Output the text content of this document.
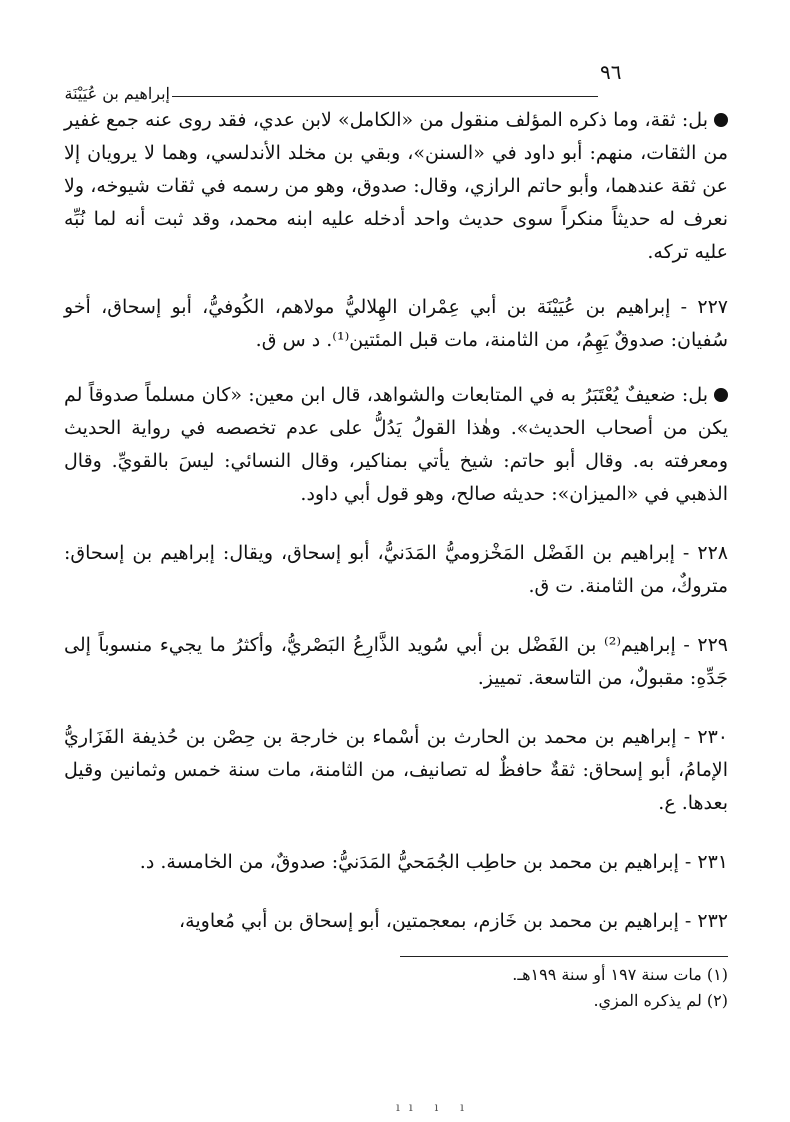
٩٦
إبراهيم بن عُيَيْنَة

بل: ثقة، وما ذكره المؤلف منقول من «الكامل» لابن عدي، فقد روى عنه جمع غفير من الثقات، منهم: أبو داود في «السنن»، وبقي بن مخلد الأندلسي، وهما لا يرويان إلا عن ثقة عندهما، وأبو حاتم الرازي، وقال: صدوق، وهو من رسمه في ثقات شيوخه، ولا نعرف له حديثاً منكراً سوى حديث واحد أدخله عليه ابنه محمد، وقد ثبت أنه لما نُبِّه عليه تركه.

٢٢٧ - إبراهيم بن عُيَيْنَة بن أبي عِمْران الهِلاليُّ مولاهم، الكُوفيُّ، أبو إسحاق، أخو سُفيان: صدوقٌ يَهِمُ، من الثامنة، مات قبل المئتين⁽¹⁾. د س ق.

بل: ضعيفٌ يُعْتَبَرُ به في المتابعات والشواهد، قال ابن معين: «كان مسلماً صدوقاً لم يكن من أصحاب الحديث». وهٰذا القولُ يَدُلُّ على عدم تخصصه في رواية الحديث ومعرفته به. وقال أبو حاتم: شيخ يأتي بمناكير، وقال النسائي: ليسَ بالقويِّ. وقال الذهبي في «الميزان»: حديثه صالح، وهو قول أبي داود.

٢٢٨ - إبراهيم بن الفَضْل المَخْزوميُّ المَدَنيُّ، أبو إسحاق، ويقال: إبراهيم بن إسحاق: متروكٌ، من الثامنة. ت ق.

٢٢٩ - إبراهيم⁽²⁾ بن الفَضْل بن أبي سُويد الذَّارِعُ البَصْريُّ، وأكثرُ ما يجيء منسوباً إلى جَدِّهِ: مقبولٌ، من التاسعة. تمييز.

٢٣٠ - إبراهيم بن محمد بن الحارث بن أسْماء بن خارجة بن حِصْن بن حُذيفة الفَزَاريُّ الإمامُ، أبو إسحاق: ثقةٌ حافظٌ له تصانيف، من الثامنة، مات سنة خمس وثمانين وقيل بعدها. ع.

٢٣١ - إبراهيم بن محمد بن حاطِب الجُمَحيُّ المَدَنيُّ: صدوقٌ، من الخامسة. د.

٢٣٢ - إبراهيم بن محمد بن خَازم، بمعجمتين، أبو إسحاق بن أبي مُعاوية،

(١) مات سنة ١٩٧ أو سنة ١٩٩هـ.

(٢) لم يذكره المزي.

ıı ı ı
